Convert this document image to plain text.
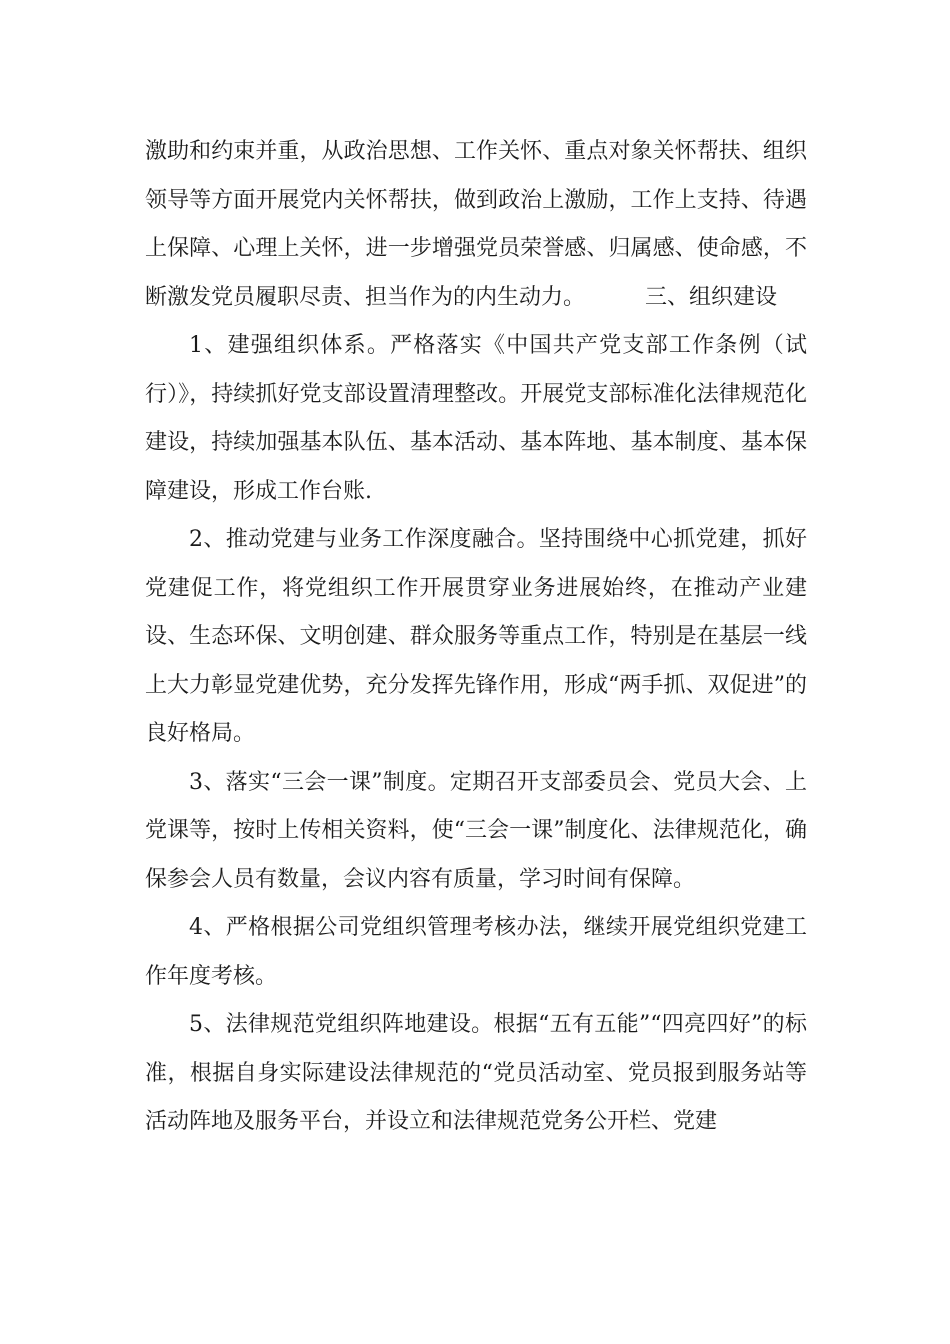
激助和约束并重，从政治思想、工作关怀、重点对象关怀帮扶、组织领导等方面开展党内关怀帮扶，做到政治上激励，工作上支持、待遇上保障、心理上关怀，进一步增强党员荣誉感、归属感、使命感，不断激发党员履职尽责、担当作为的内生动力。	三、组织建设

1、建强组织体系。严格落实《中国共产党支部工作条例（试行）》，持续抓好党支部设置清理整改。开展党支部标准化法律规范化建设，持续加强基本队伍、基本活动、基本阵地、基本制度、基本保障建设，形成工作台账.

2、推动党建与业务工作深度融合。坚持围绕中心抓党建，抓好党建促工作，将党组织工作开展贯穿业务进展始终，在推动产业建设、生态环保、文明创建、群众服务等重点工作，特别是在基层一线上大力彰显党建优势，充分发挥先锋作用，形成“两手抓、双促进”的良好格局。

3、落实“三会一课”制度。定期召开支部委员会、党员大会、上党课等，按时上传相关资料，使“三会一课”制度化、法律规范化，确保参会人员有数量，会议内容有质量，学习时间有保障。

4、严格根据公司党组织管理考核办法，继续开展党组织党建工作年度考核。

5、法律规范党组织阵地建设。根据“五有五能”“四亮四好”的标准，根据自身实际建设法律规范的“党员活动室、党员报到服务站等活动阵地及服务平台，并设立和法律规范党务公开栏、党建
